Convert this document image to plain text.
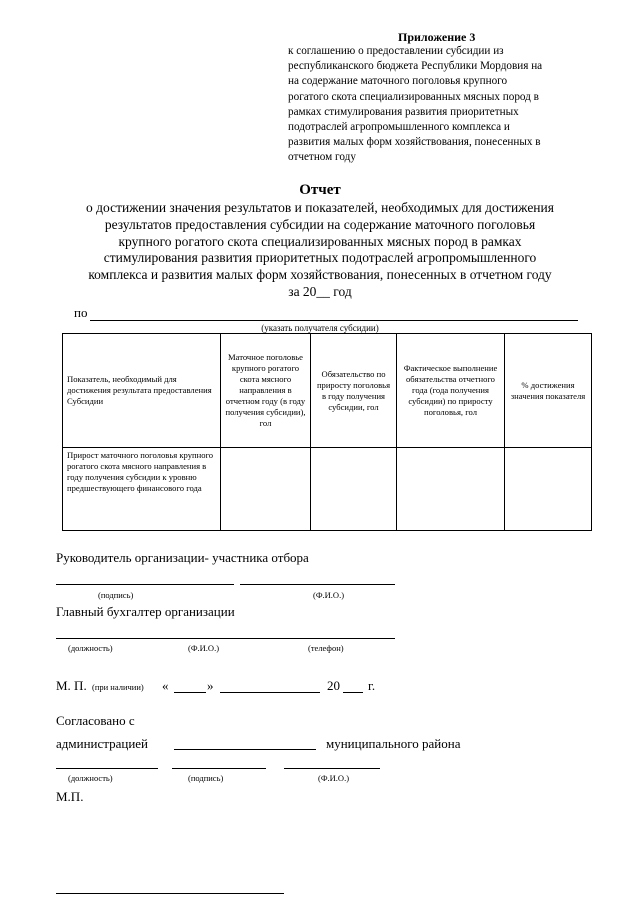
Приложение 3
к соглашению о предоставлении субсидии из
республиканского бюджета Республики Мордовия на
на содержание маточного поголовья крупного
рогатого скота специализированных мясных пород в
рамках стимулирования развития приоритетных
подотраслей агропромышленного комплекса и
развития малых форм хозяйствования, понесенных в
отчетном году
Отчет
о достижении значения результатов и показателей, необходимых для достижения
результатов предоставления субсидии на содержание маточного поголовья
крупного рогатого скота специализированных мясных пород в рамках
стимулирования развития приоритетных подотраслей агропромышленного
комплекса и развития малых форм хозяйствования, понесенных в отчетном году
за 20__ год
по
(указать получателя субсидии)
Показатель, необходимый для достижения результата предоставления Субсидии	Маточное поголовье крупного рогатого скота мясного направления в отчетном году (в году получения субсидии), гол	Обязательство по приросту поголовья в году получения субсидии, гол	Фактическое выполнение обязательства отчетного года (года получения субсидии) по приросту поголовья, гол	% достижения значения показателя
Прирост маточного поголовья крупного рогатого скота мясного направления в году получения субсидии к уровню предшествующего финансового года				
Руководитель организации- участника отбора
(подпись)	(Ф.И.О.)
Главный бухгалтер организации
(должность)	(Ф.И.О.)	(телефон)
М. П. (при наличии) «	»	20 г.
Согласовано с
администрацией	муниципального района
(должность)	(подпись)	(Ф.И.О.)
М.П.
